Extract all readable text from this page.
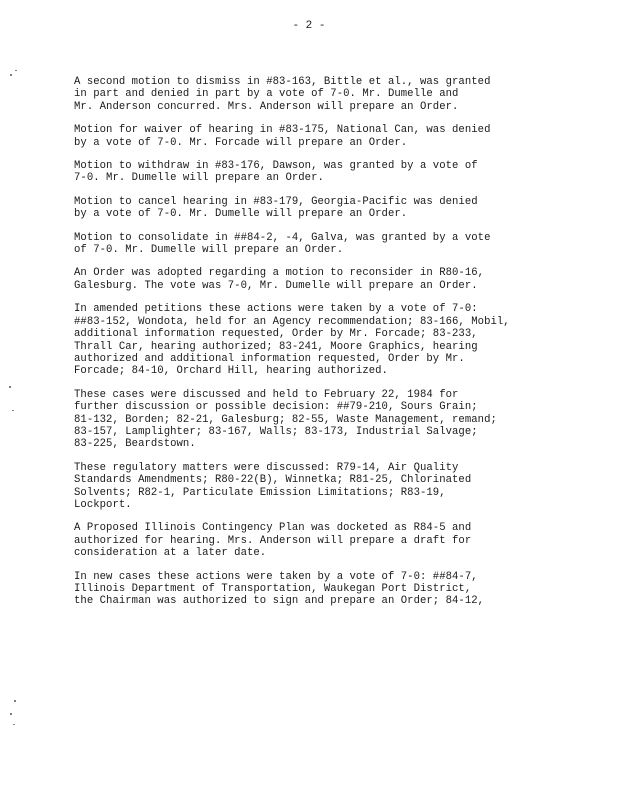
- 2 -

A second motion to dismiss in #83-163, Bittle et al., was granted
in part and denied in part by a vote of 7-0. Mr. Dumelle and
Mr. Anderson concurred. Mrs. Anderson will prepare an Order.

Motion for waiver of hearing in #83-175, National Can, was denied
by a vote of 7-0. Mr. Forcade will prepare an Order.

Motion to withdraw in #83-176, Dawson, was granted by a vote of
7-0. Mr. Dumelle will prepare an Order.

Motion to cancel hearing in #83-179, Georgia-Pacific was denied
by a vote of 7-0. Mr. Dumelle will prepare an Order.

Motion to consolidate in ##84-2, -4, Galva, was granted by a vote
of 7-0. Mr. Dumelle will prepare an Order.

An Order was adopted regarding a motion to reconsider in R80-16,
Galesburg. The vote was 7-0, Mr. Dumelle will prepare an Order.

In amended petitions these actions were taken by a vote of 7-0:
##83-152, Wondota, held for an Agency recommendation; 83-166, Mobil,
additional information requested, Order by Mr. Forcade; 83-233,
Thrall Car, hearing authorized; 83-241, Moore Graphics, hearing
authorized and additional information requested, Order by Mr.
Forcade; 84-10, Orchard Hill, hearing authorized.

These cases were discussed and held to February 22, 1984 for
further discussion or possible decision: ##79-210, Sours Grain;
81-132, Borden; 82-21, Galesburg; 82-55, Waste Management, remand;
83-157, Lamplighter; 83-167, Walls; 83-173, Industrial Salvage;
83-225, Beardstown.

These regulatory matters were discussed: R79-14, Air Quality
Standards Amendments; R80-22(B), Winnetka; R81-25, Chlorinated
Solvents; R82-1, Particulate Emission Limitations; R83-19,
Lockport.

A Proposed Illinois Contingency Plan was docketed as R84-5 and
authorized for hearing. Mrs. Anderson will prepare a draft for
consideration at a later date.

In new cases these actions were taken by a vote of 7-0: ##84-7,
Illinois Department of Transportation, Waukegan Port District,
the Chairman was authorized to sign and prepare an Order; 84-12,
